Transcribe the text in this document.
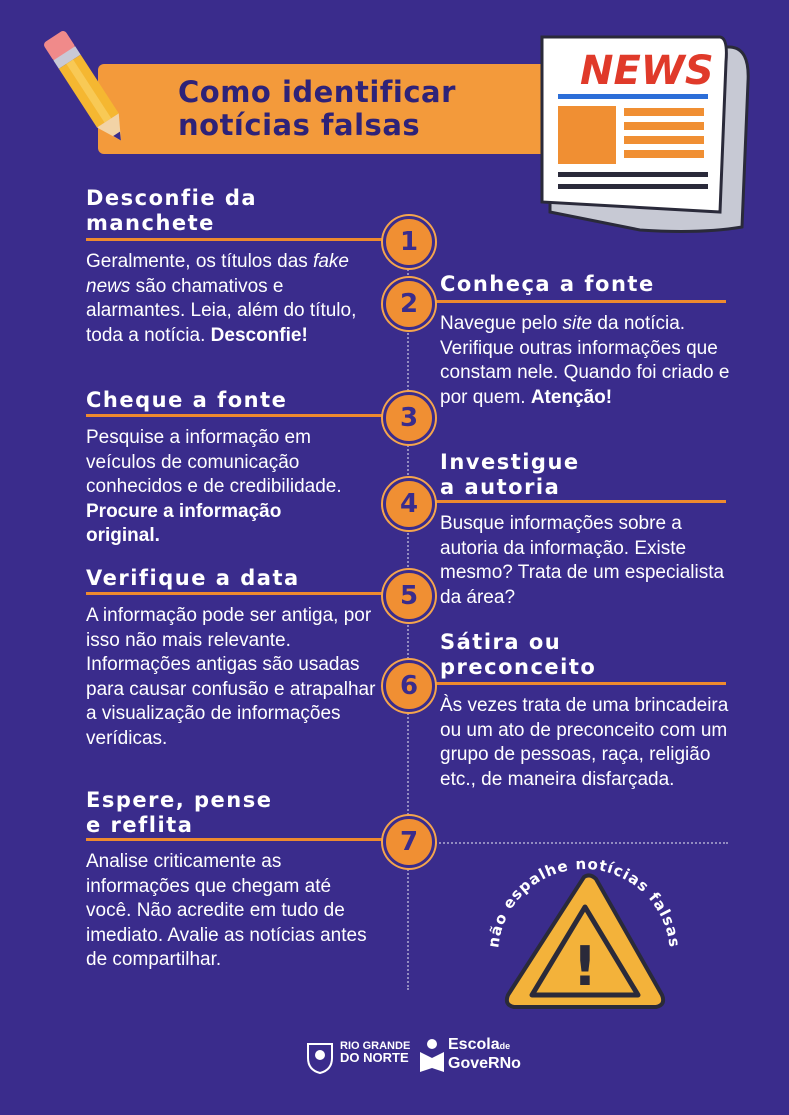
Como identificar
notícias falsas
NEWS
Desconfie da
manchete
1

Geralmente, os títulos das fake news são chamativos e alarmantes. Leia, além do título, toda a notícia. Desconfie!

Conheça a fonte
2

Navegue pelo site da notícia. Verifique outras informações que constam nele. Quando foi criado e por quem. Atenção!

Cheque a fonte
3

Pesquise a informação em veículos de comunicação conhecidos e de credibilidade. Procure a informação original.

Investigue
a autoria
4

Busque informações sobre a autoria da informação. Existe mesmo? Trata de um especialista da área?

Verifique a data
5

A informação pode ser antiga, por isso não mais relevante. Informações antigas são usadas para causar confusão e atrapalhar a visualização de informações verídicas.

Sátira ou
preconceito
6

Às vezes trata de uma brincadeira ou um ato de preconceito com um grupo de pessoas, raça, religião etc., de maneira disfarçada.

Espere, pense
e reflita
7

Analise criticamente as informações que chegam até você. Não acredite em tudo de imediato. Avalie as notícias antes de compartilhar.

não espalhe notícias falsas
!
RIO GRANDE
DO NORTE
Escolade
GoveRNo
